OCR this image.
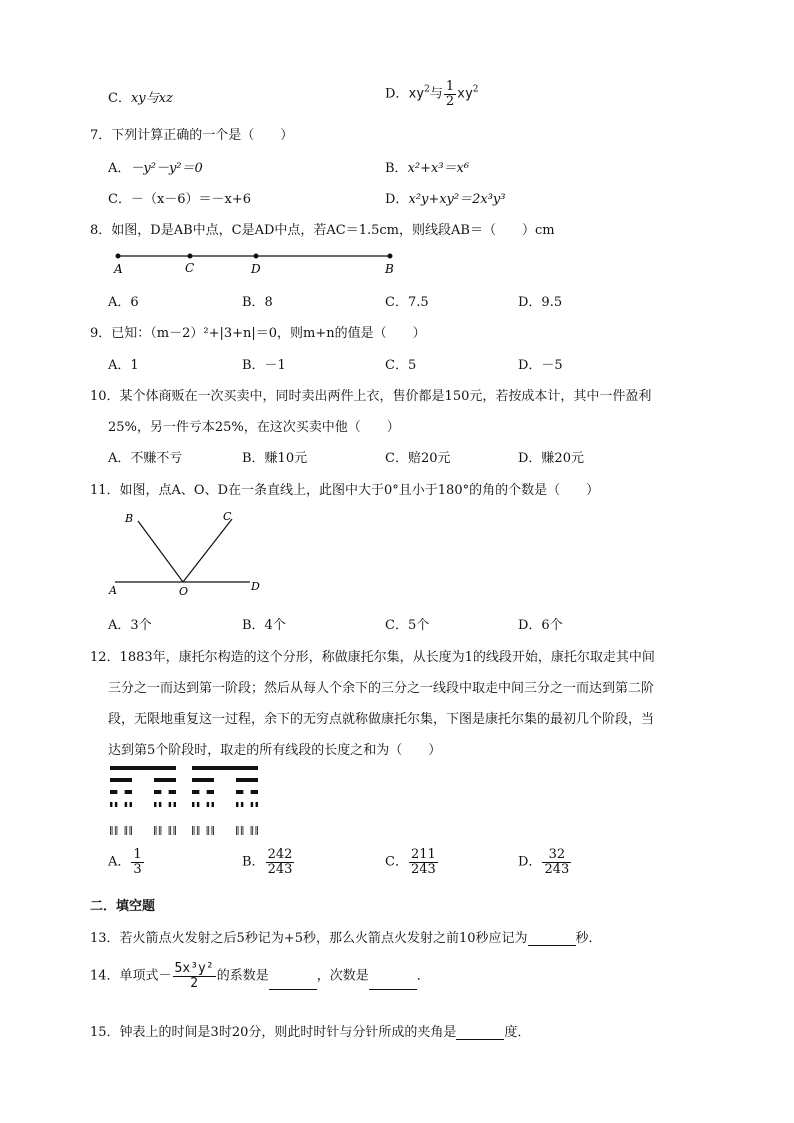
C．xy与xz	D．$xy^2$与 $\frac{1}{2} xy^2$
7．下列计算正确的一个是（　　）
A．－y²－y²＝0	B．x²+x³＝x⁶
C．－（x－6）＝－x+6	D．x²y+xy²＝2x³y³
8．如图，D是AB中点，C是AD中点，若AC＝1.5cm，则线段AB＝（　　）cm
A	C	D	B
A．6	B．8	C．7.5	D．9.5
9．已知：（m－2）²+|3+n|＝0，则m+n的值是（　　）
A．1	B．－1	C．5	D．－5
10．某个体商贩在一次买卖中，同时卖出两件上衣，售价都是150元，若按成本计，其中一件盈利
25%，另一件亏本25%，在这次买卖中他（　　）
A．不赚不亏	B．赚10元	C．赔20元	D．赚20元
11．如图，点A、O、D在一条直线上，此图中大于0°且小于180°的角的个数是（　　）
B	C
A	O	D
A．3个	B．4个	C．5个	D．6个
12．1883年，康托尔构造的这个分形，称做康托尔集，从长度为1的线段开始，康托尔取走其中间
三分之一而达到第一阶段；然后从每人个余下的三分之一线段中取走中间三分之一而达到第二阶
段，无限地重复这一过程，余下的无穷点就称做康托尔集，下图是康托尔集的最初几个阶段，当
达到第5个阶段时，取走的所有线段的长度之和为（　　）
A． $\frac{1}{3}$	B． $\frac{242}{243}$	C． $\frac{211}{243}$	D． $\frac{32}{243}$
二．填空题
13．若火箭点火发射之后5秒记为+5秒，那么火箭点火发射之前10秒应记为	秒．
14．单项式－ $\frac{\text{5x³y²}}{2}$ 的系数是	，次数是	．
15．钟表上的时间是3时20分，则此时时针与分针所成的夹角是	度．
